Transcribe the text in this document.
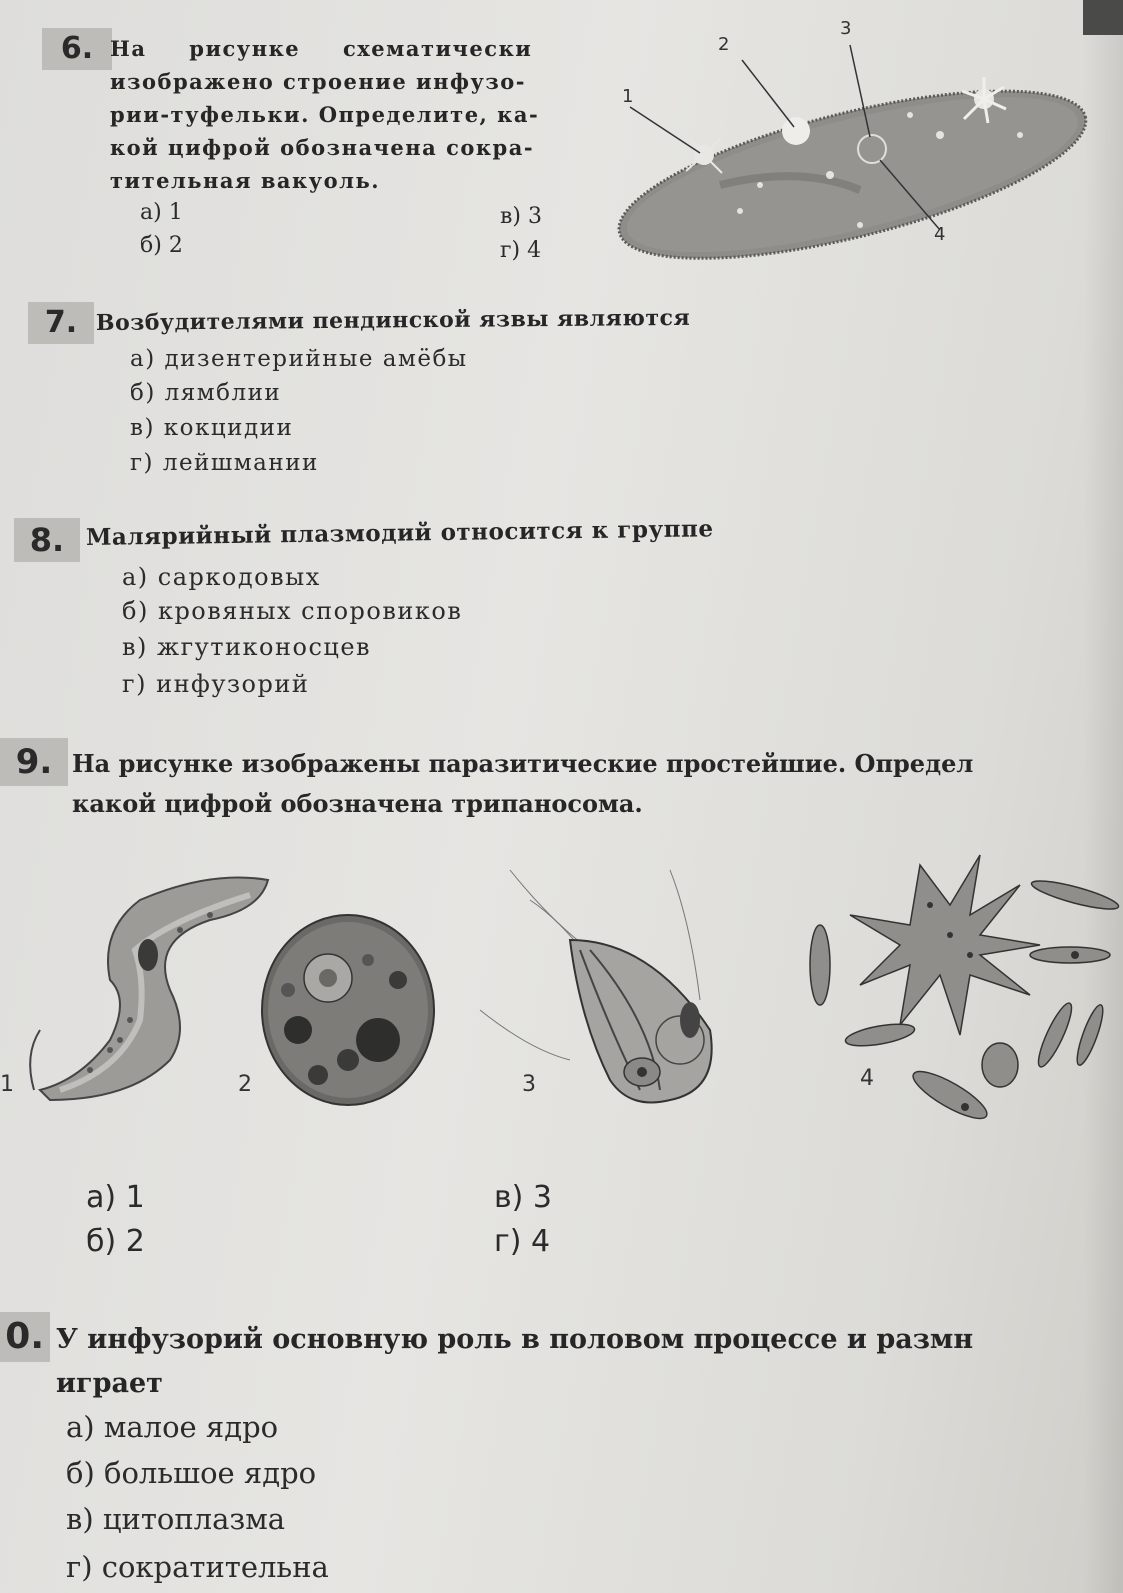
6. На рисунке схематически
изображено строение инфузо-
рии-туфельки. Определите, ка-
кой цифрой обозначена сокра-
тительная вакуоль.
а) 1
б) 2
в) 3
г) 4
1
2
3
4
7. Возбудителями пендинской язвы являются
а) дизентерийные амёбы
б) лямблии
в) кокцидии
г) лейшмании
8. Малярийный плазмодий относится к группе
а) саркодовых
б) кровяных споровиков
в) жгутиконосцев
г) инфузорий
9. На рисунке изображены паразитические простейшие. Определ
какой цифрой обозначена трипаносома.
1	2	3	4
а) 1
б) 2
в) 3
г) 4
0. У инфузорий основную роль в половом процессе и размн
играет
а) малое ядро
б) большое ядро
в) цитоплазма
г) сократительна
